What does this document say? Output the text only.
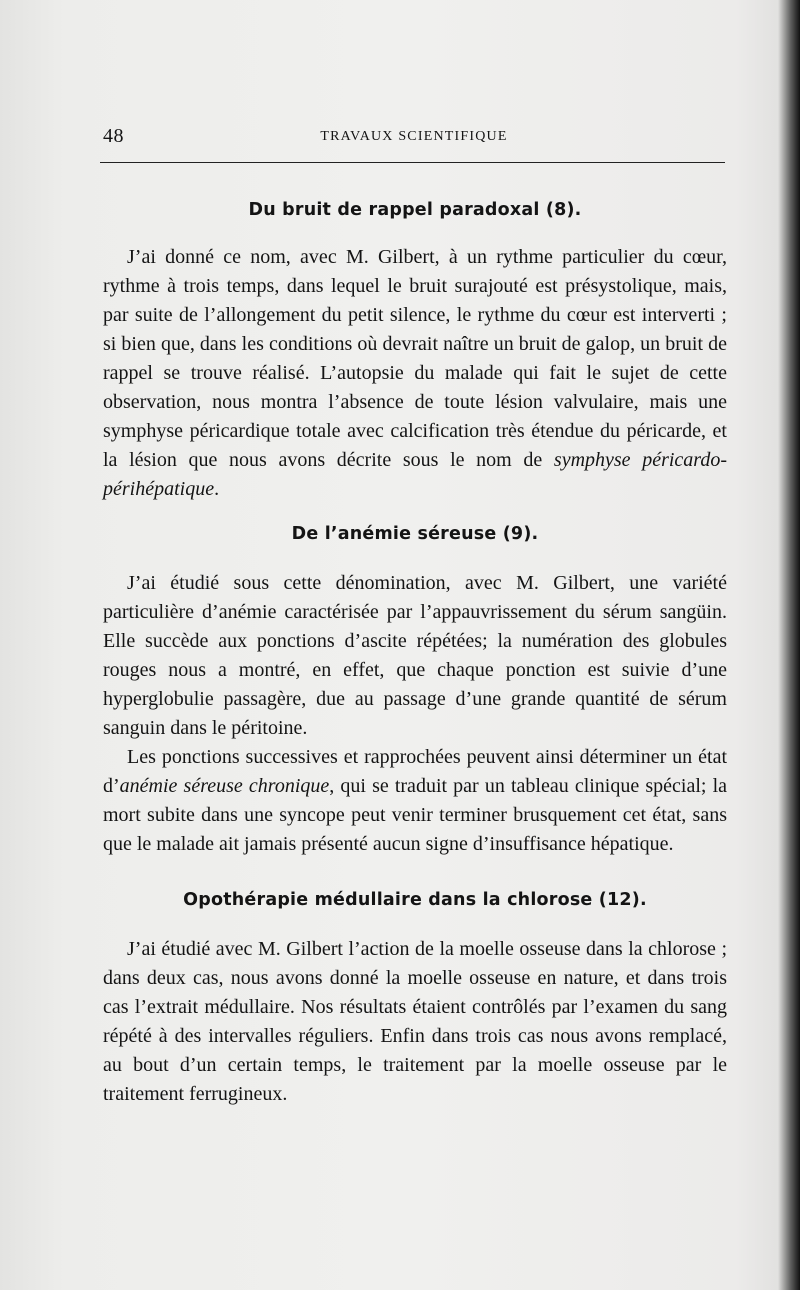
48	TRAVAUX SCIENTIFIQUE
Du bruit de rappel paradoxal (8).

J’ai donné ce nom, avec M. Gilbert, à un rythme particulier du cœur, rythme à trois temps, dans lequel le bruit surajouté est présystolique, mais, par suite de l’allongement du petit silence, le rythme du cœur est interverti ; si bien que, dans les conditions où devrait naître un bruit de galop, un bruit de rappel se trouve réalisé. L’autopsie du malade qui fait le sujet de cette observation, nous montra l’absence de toute lésion valvulaire, mais une symphyse péricardique totale avec calcification très étendue du péricarde, et la lésion que nous avons décrite sous le nom de symphyse péricardo-périhépatique.

De l’anémie séreuse (9).

J’ai étudié sous cette dénomination, avec M. Gilbert, une variété particulière d’anémie caractérisée par l’appauvrissement du sérum sangüin. Elle succède aux ponctions d’ascite répétées; la numération des globules rouges nous a montré, en effet, que chaque ponction est suivie d’une hyperglobulie passagère, due au passage d’une grande quantité de sérum sanguin dans le péritoine.

Les ponctions successives et rapprochées peuvent ainsi déterminer un état d’anémie séreuse chronique, qui se traduit par un tableau clinique spécial; la mort subite dans une syncope peut venir terminer brusquement cet état, sans que le malade ait jamais présenté aucun signe d’insuffisance hépatique.

Opothérapie médullaire dans la chlorose (12).

J’ai étudié avec M. Gilbert l’action de la moelle osseuse dans la chlorose ; dans deux cas, nous avons donné la moelle osseuse en nature, et dans trois cas l’extrait médullaire. Nos résultats étaient contrôlés par l’examen du sang répété à des intervalles réguliers. Enfin dans trois cas nous avons remplacé, au bout d’un certain temps, le traitement par la moelle osseuse par le traitement ferrugineux.
